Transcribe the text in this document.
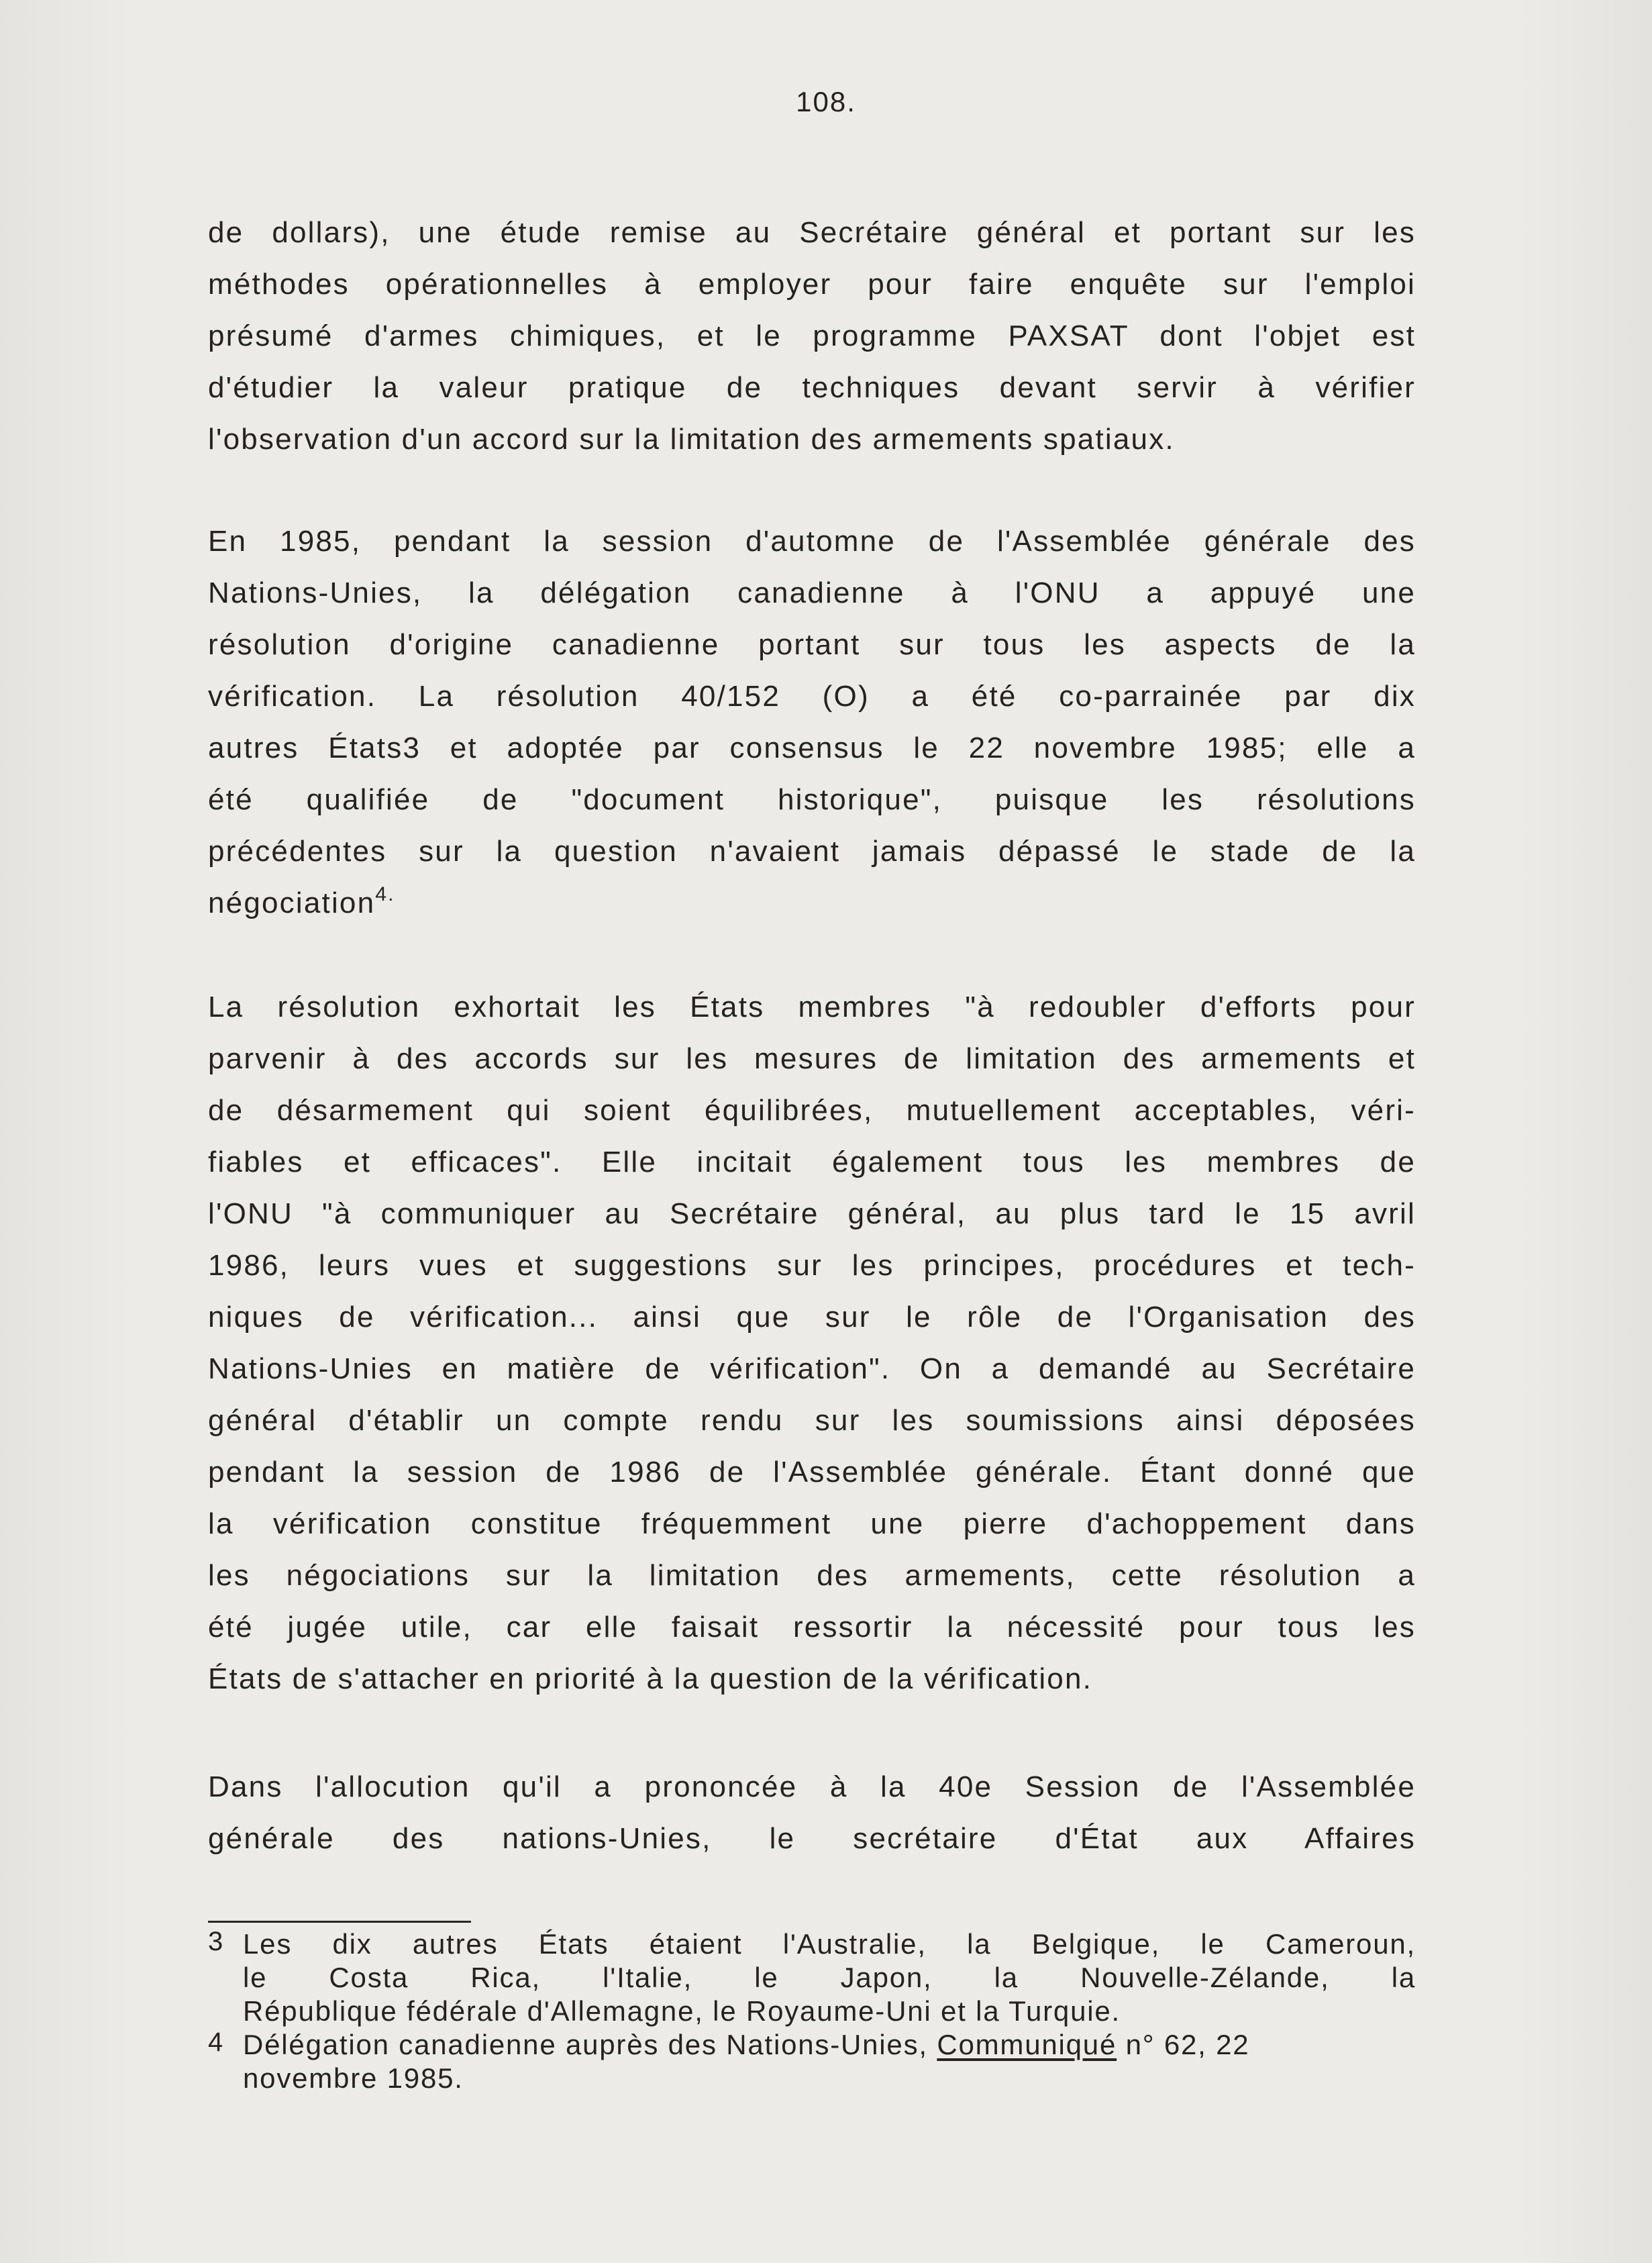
108.

de dollars), une étude remise au Secrétaire général et portant sur les
méthodes opérationnelles à employer pour faire enquête sur l'emploi
présumé d'armes chimiques, et le programme PAXSAT dont l'objet est
d'étudier la valeur pratique de techniques devant servir à vérifier
l'observation d'un accord sur la limitation des armements spatiaux.

En 1985, pendant la session d'automne de l'Assemblée générale des
Nations-Unies, la délégation canadienne à l'ONU a appuyé une
résolution d'origine canadienne portant sur tous les aspects de la
vérification. La résolution 40/152 (O) a été co-parrainée par dix
autres États3 et adoptée par consensus le 22 novembre 1985; elle a
été qualifiée de "document historique", puisque les résolutions
précédentes sur la question n'avaient jamais dépassé le stade de la
négociation$^{4.}$

La résolution exhortait les États membres "à redoubler d'efforts pour
parvenir à des accords sur les mesures de limitation des armements et
de désarmement qui soient équilibrées, mutuellement acceptables, véri-
fiables et efficaces". Elle incitait également tous les membres de
l'ONU "à communiquer au Secrétaire général, au plus tard le 15 avril
1986, leurs vues et suggestions sur les principes, procédures et tech-
niques de vérification... ainsi que sur le rôle de l'Organisation des
Nations-Unies en matière de vérification". On a demandé au Secrétaire
général d'établir un compte rendu sur les soumissions ainsi déposées
pendant la session de 1986 de l'Assemblée générale. Étant donné que
la vérification constitue fréquemment une pierre d'achoppement dans
les négociations sur la limitation des armements, cette résolution a
été jugée utile, car elle faisait ressortir la nécessité pour tous les
États de s'attacher en priorité à la question de la vérification.

Dans l'allocution qu'il a prononcée à la 40e Session de l'Assemblée
générale des nations-Unies, le secrétaire d'État aux Affaires

3 Les dix autres États étaient l'Australie, la Belgique, le Cameroun,
le Costa Rica, l'Italie, le Japon, la Nouvelle-Zélande, la
République fédérale d'Allemagne, le Royaume-Uni et la Turquie.
4 Délégation canadienne auprès des Nations-Unies, Communiqué n° 62, 22
novembre 1985.
